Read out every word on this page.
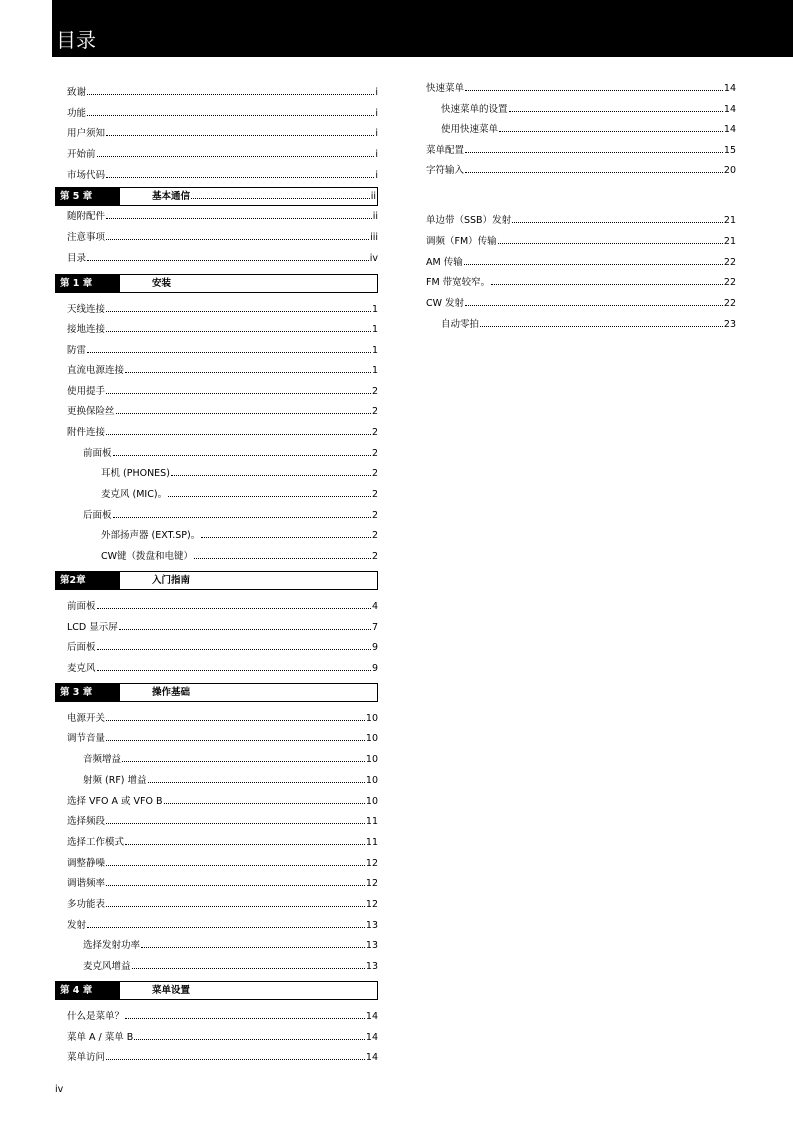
目录
致谢	i
功能	i
用户须知	i
开始前	i
市场代码	i
第 5 章	基本通信	ii
随附配件	ii
注意事项	iii
目录	iv
第 1 章	安装
天线连接	1
接地连接	1
防雷	1
直流电源连接	1
使用提手	2
更换保险丝	2
附件连接	2
前面板	2
耳机 (PHONES)	2
麦克风 (MIC)。	2
后面板	2
外部扬声器 (EXT.SP)。	2
CW键（拨盘和电键）	2
第2章	入门指南
前面板	4
LCD 显示屏	7
后面板	9
麦克风	9
第 3 章	操作基础
电源开关	10
调节音量	10
音频增益	10
射频 (RF) 增益	10
选择 VFO A 或 VFO B	10
选择频段	11
选择工作模式	11
调整静噪	12
调谐频率	12
多功能表	12
发射	13
选择发射功率	13
麦克风增益	13
第 4 章	菜单设置
什么是菜单？	14
菜单 A / 菜单 B	14
菜单访问	14
快速菜单	14
快速菜单的设置	14
使用快速菜单	14
菜单配置	15
字符输入	20
单边带（SSB）发射	21
调频（FM）传输	21
AM 传输	22
FM 带宽较窄。	22
CW 发射	22
自动零拍	23
iv
